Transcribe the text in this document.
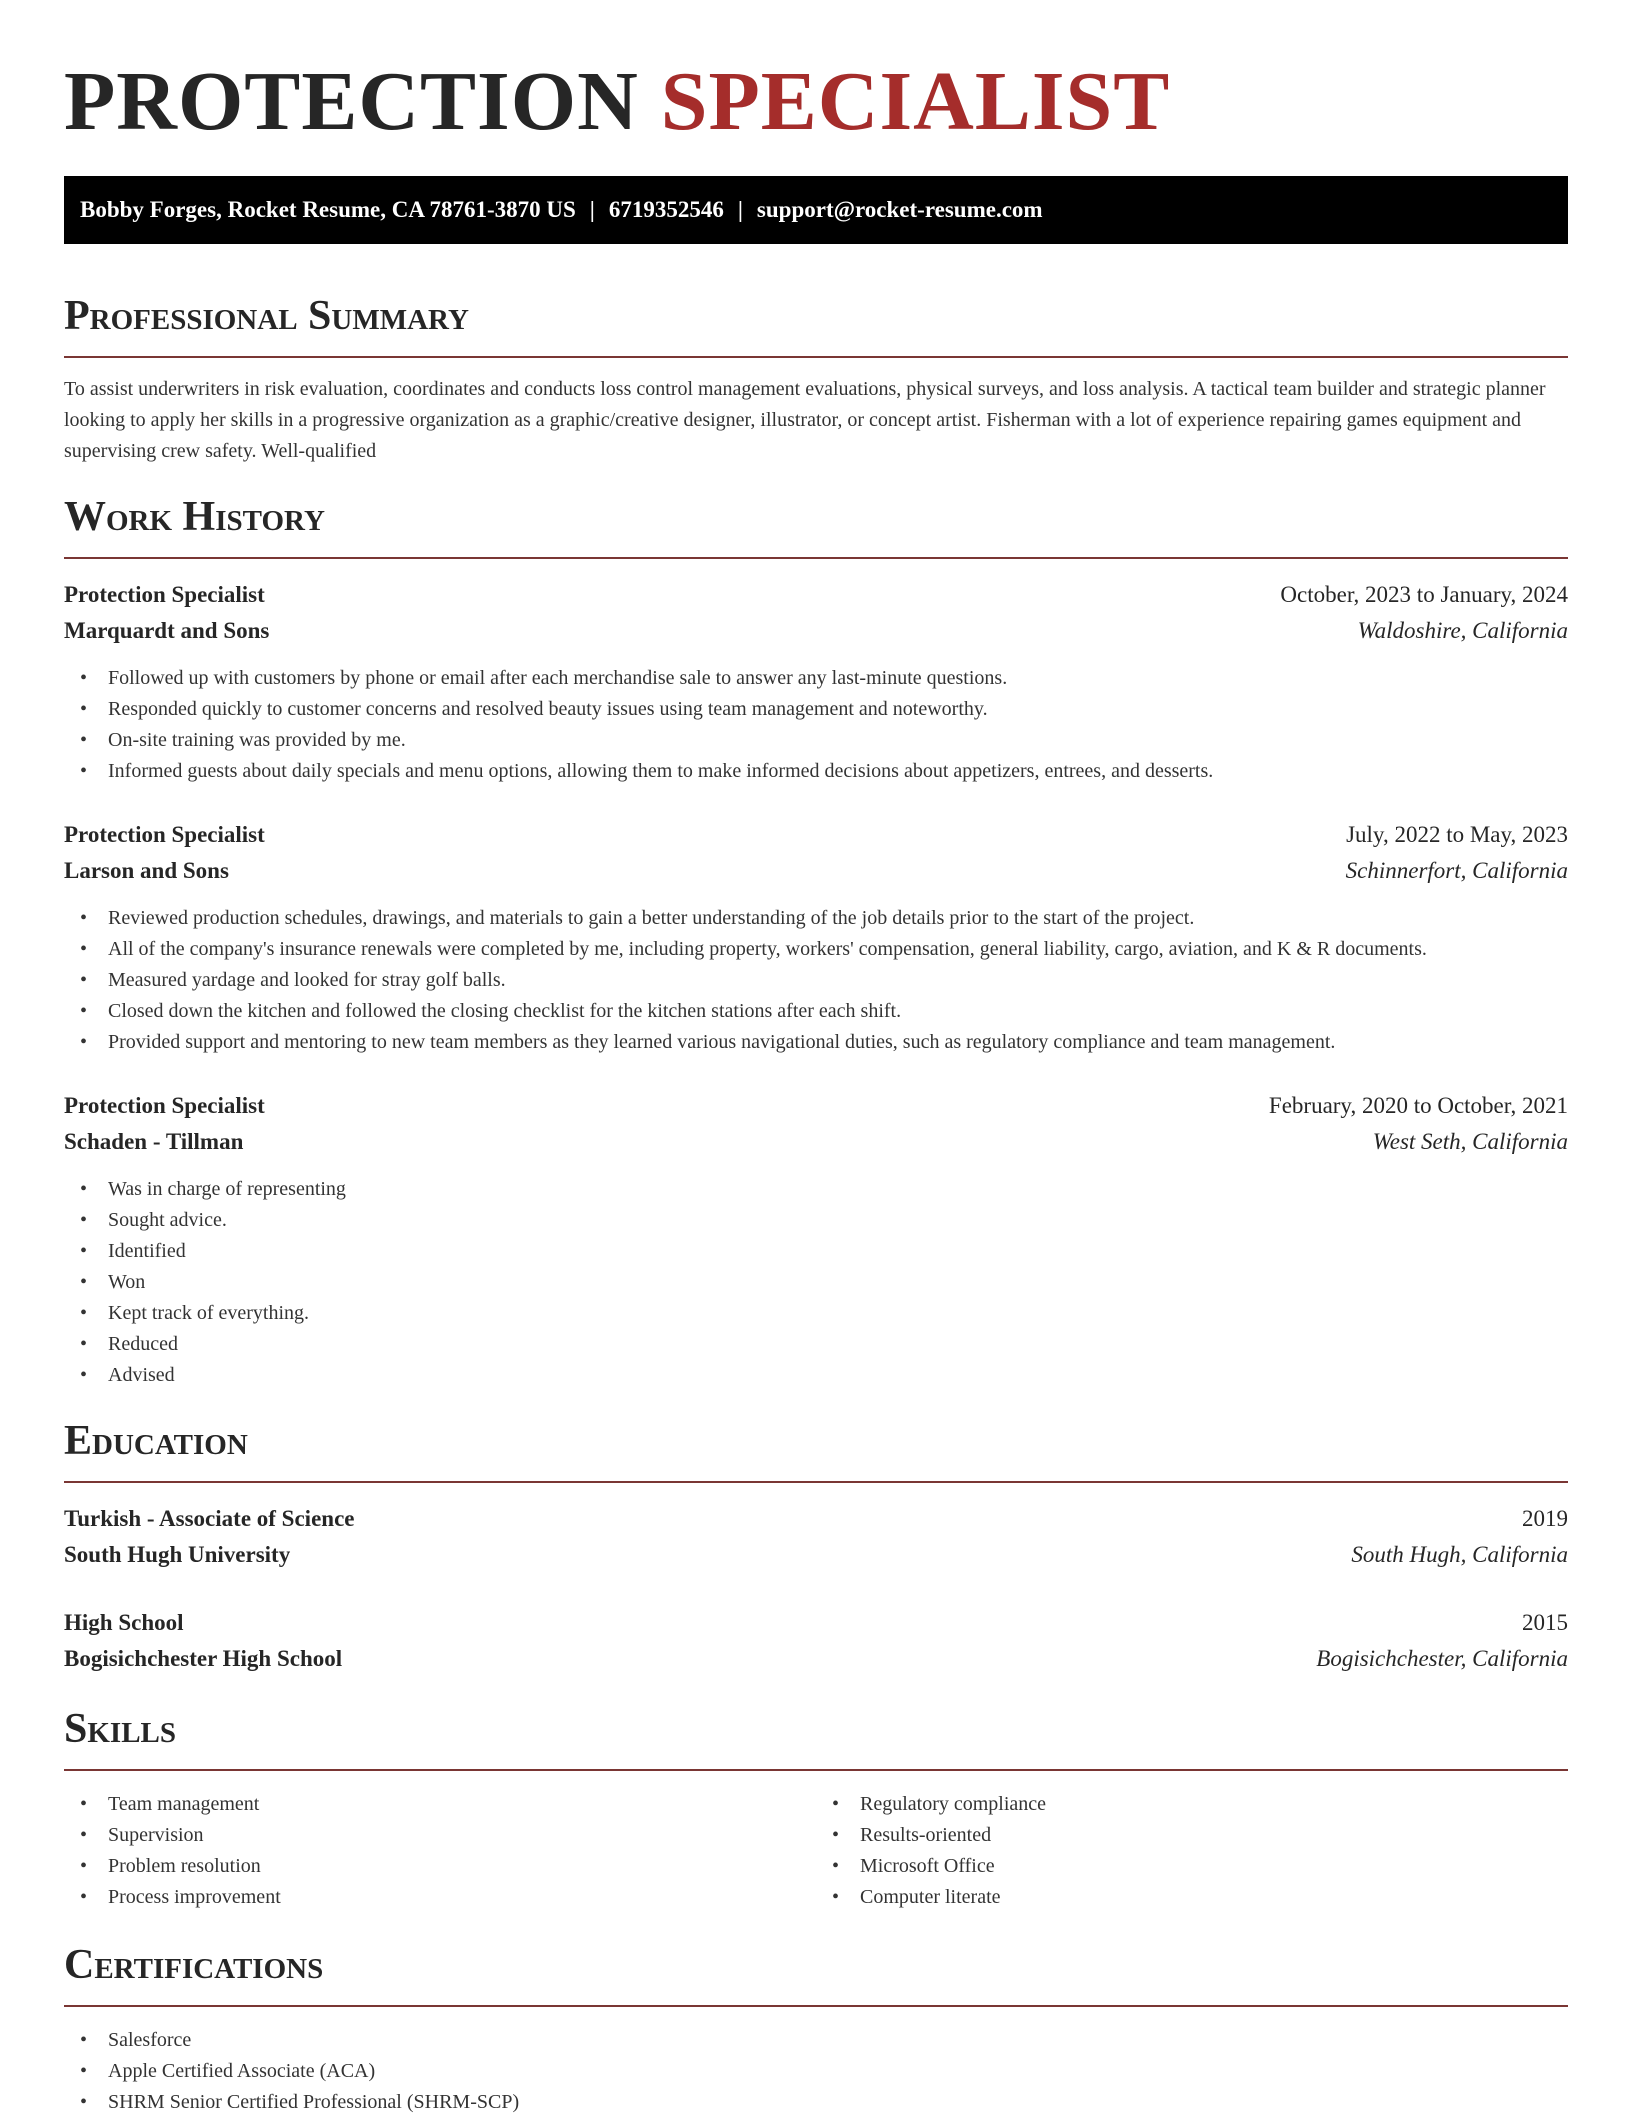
PROTECTION SPECIALIST
Bobby Forges, Rocket Resume, CA 78761-3870 US | 6719352546 | support@rocket-resume.com
Professional Summary

To assist underwriters in risk evaluation, coordinates and conducts loss control management evaluations, physical surveys, and loss analysis. A tactical team builder and strategic planner looking to apply her skills in a progressive organization as a graphic/creative designer, illustrator, or concept artist. Fisherman with a lot of experience repairing games equipment and supervising crew safety. Well-qualified

Work History
Protection Specialist	October, 2023 to January, 2024
Marquardt and Sons	Waldoshire, California
• Followed up with customers by phone or email after each merchandise sale to answer any last-minute questions.
• Responded quickly to customer concerns and resolved beauty issues using team management and noteworthy.
• On-site training was provided by me.
• Informed guests about daily specials and menu options, allowing them to make informed decisions about appetizers, entrees, and desserts.
Protection Specialist	July, 2022 to May, 2023
Larson and Sons	Schinnerfort, California
• Reviewed production schedules, drawings, and materials to gain a better understanding of the job details prior to the start of the project.
• All of the company's insurance renewals were completed by me, including property, workers' compensation, general liability, cargo, aviation, and K & R documents.
• Measured yardage and looked for stray golf balls.
• Closed down the kitchen and followed the closing checklist for the kitchen stations after each shift.
• Provided support and mentoring to new team members as they learned various navigational duties, such as regulatory compliance and team management.
Protection Specialist	February, 2020 to October, 2021
Schaden - Tillman	West Seth, California
• Was in charge of representing
• Sought advice.
• Identified
• Won
• Kept track of everything.
• Reduced
• Advised
Education
Turkish - Associate of Science	2019
South Hugh University	South Hugh, California
High School	2015
Bogisichchester High School	Bogisichchester, California
Skills
• Team management
• Supervision
• Problem resolution
• Process improvement
• Regulatory compliance
• Results-oriented
• Microsoft Office
• Computer literate
Certifications
• Salesforce
• Apple Certified Associate (ACA)
• SHRM Senior Certified Professional (SHRM-SCP)
